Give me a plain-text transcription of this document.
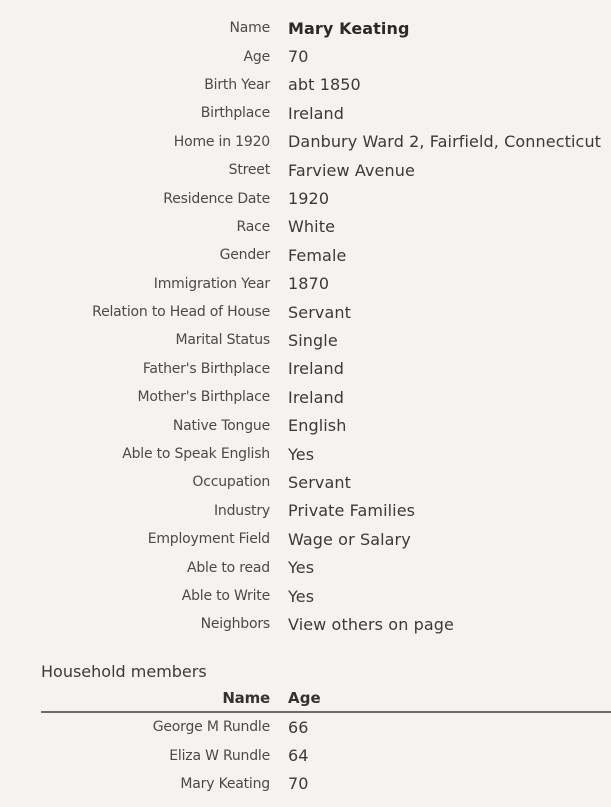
Name Mary Keating
Age 70
Birth Year abt 1850
Birthplace Ireland
Home in 1920 Danbury Ward 2, Fairfield, Connecticut
Street Farview Avenue
Residence Date 1920
Race White
Gender Female
Immigration Year 1870
Relation to Head of House Servant
Marital Status Single
Father's Birthplace Ireland
Mother's Birthplace Ireland
Native Tongue English
Able to Speak English Yes
Occupation Servant
Industry Private Families
Employment Field Wage or Salary
Able to read Yes
Able to Write Yes
Neighbors View others on page
Household members
Name Age
George M Rundle 66
Eliza W Rundle 64
Mary Keating 70
